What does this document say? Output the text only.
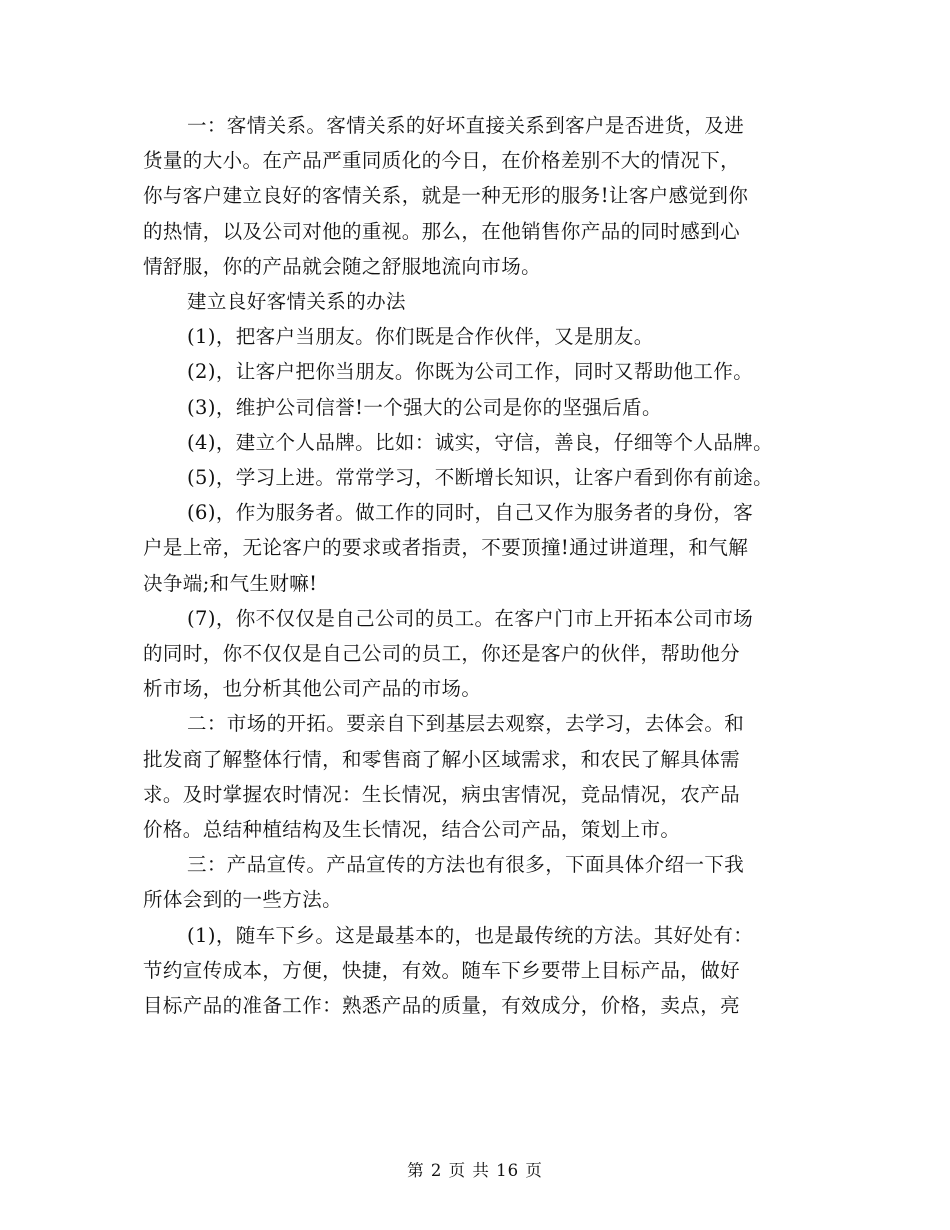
一：客情关系。客情关系的好坏直接关系到客户是否进货，及进
货量的大小。在产品严重同质化的今日，在价格差别不大的情况下，
你与客户建立良好的客情关系，就是一种无形的服务!让客户感觉到你
的热情，以及公司对他的重视。那么，在他销售你产品的同时感到心
情舒服，你的产品就会随之舒服地流向市场。
建立良好客情关系的办法
(1)，把客户当朋友。你们既是合作伙伴，又是朋友。
(2)，让客户把你当朋友。你既为公司工作，同时又帮助他工作。
(3)，维护公司信誉!一个强大的公司是你的坚强后盾。
(4)，建立个人品牌。比如：诚实，守信，善良，仔细等个人品牌。
(5)，学习上进。常常学习，不断增长知识，让客户看到你有前途。
(6)，作为服务者。做工作的同时，自己又作为服务者的身份，客
户是上帝，无论客户的要求或者指责，不要顶撞!通过讲道理，和气解
决争端;和气生财嘛!
(7)，你不仅仅是自己公司的员工。在客户门市上开拓本公司市场
的同时，你不仅仅是自己公司的员工，你还是客户的伙伴，帮助他分
析市场，也分析其他公司产品的市场。
二：市场的开拓。要亲自下到基层去观察，去学习，去体会。和
批发商了解整体行情，和零售商了解小区域需求，和农民了解具体需
求。及时掌握农时情况：生长情况，病虫害情况，竞品情况，农产品
价格。总结种植结构及生长情况，结合公司产品，策划上市。
三：产品宣传。产品宣传的方法也有很多，下面具体介绍一下我
所体会到的一些方法。
(1)，随车下乡。这是最基本的，也是最传统的方法。其好处有：
节约宣传成本，方便，快捷，有效。随车下乡要带上目标产品，做好
目标产品的准备工作：熟悉产品的质量，有效成分，价格，卖点，亮
第 2 页 共 16 页
